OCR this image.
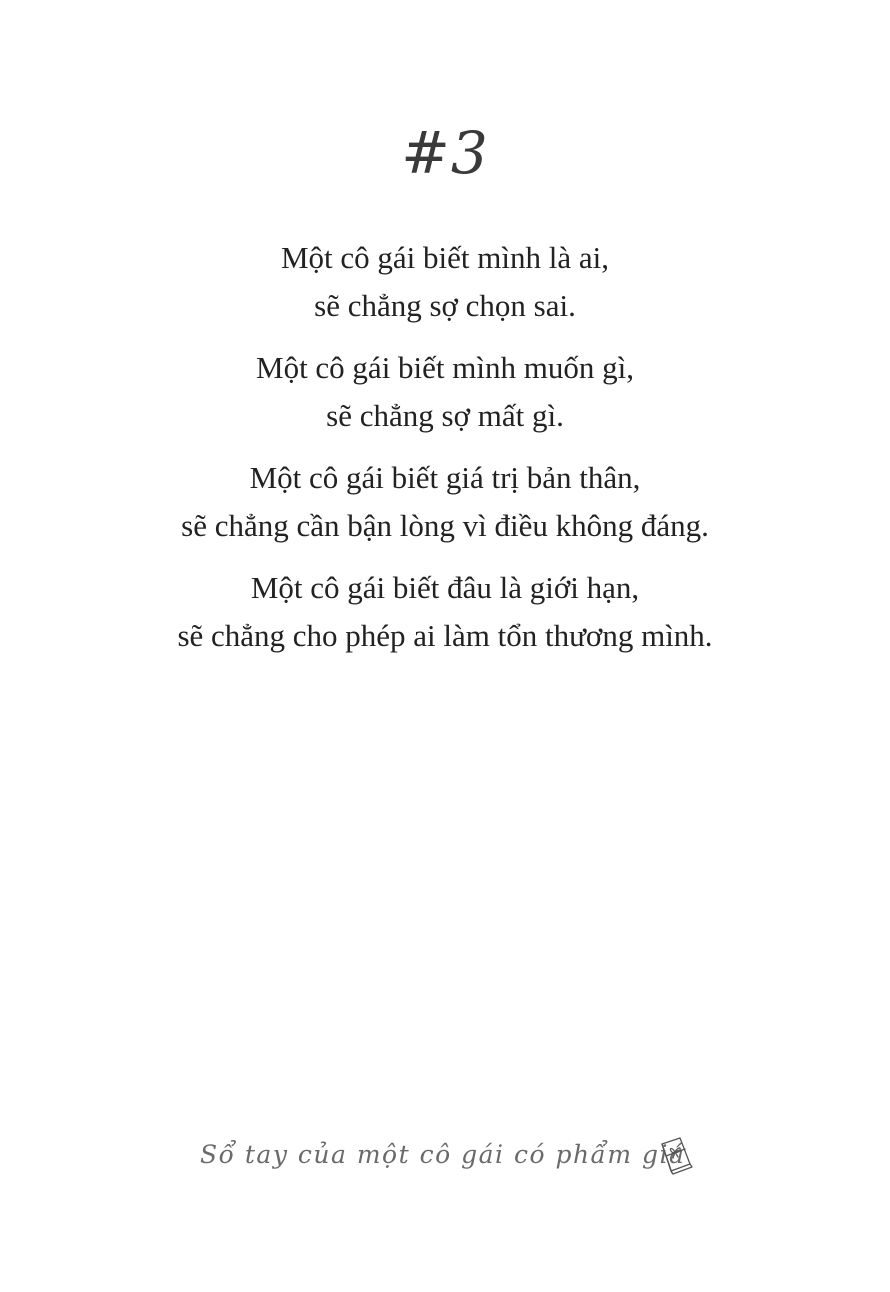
#3
Một cô gái biết mình là ai,
sẽ chẳng sợ chọn sai.
Một cô gái biết mình muốn gì,
sẽ chẳng sợ mất gì.
Một cô gái biết giá trị bản thân,
sẽ chẳng cần bận lòng vì điều không đáng.
Một cô gái biết đâu là giới hạn,
sẽ chẳng cho phép ai làm tổn thương mình.
Sổ tay của một cô gái có phẩm giá
